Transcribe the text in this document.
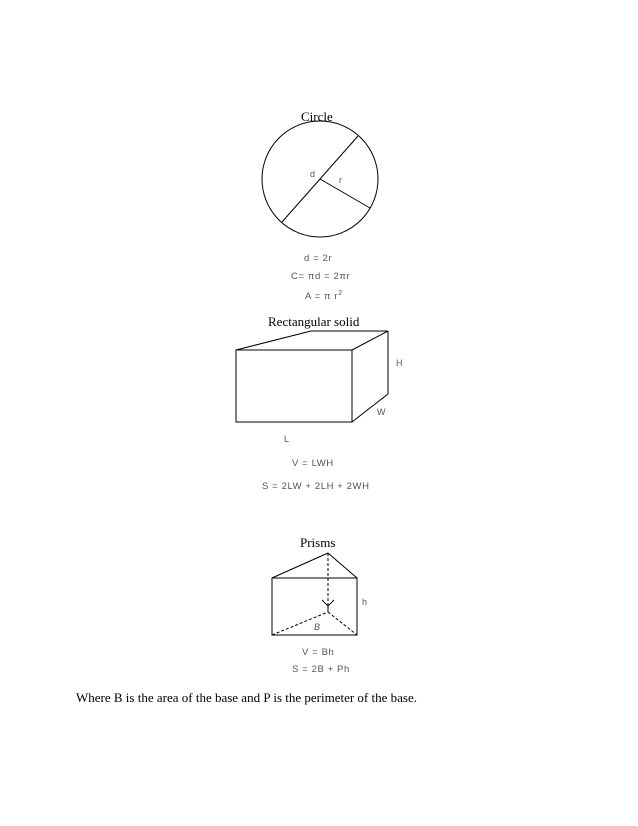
Circle
d
r
d = 2r
C= πd = 2πr
A = π $r^2$
Rectangular solid
H
W
L
V = LWH
S = 2LW + 2LH + 2WH
Prisms
h
B
V = Bh
S = 2B + Ph
Where B is the area of the base and P is the perimeter of the base.
